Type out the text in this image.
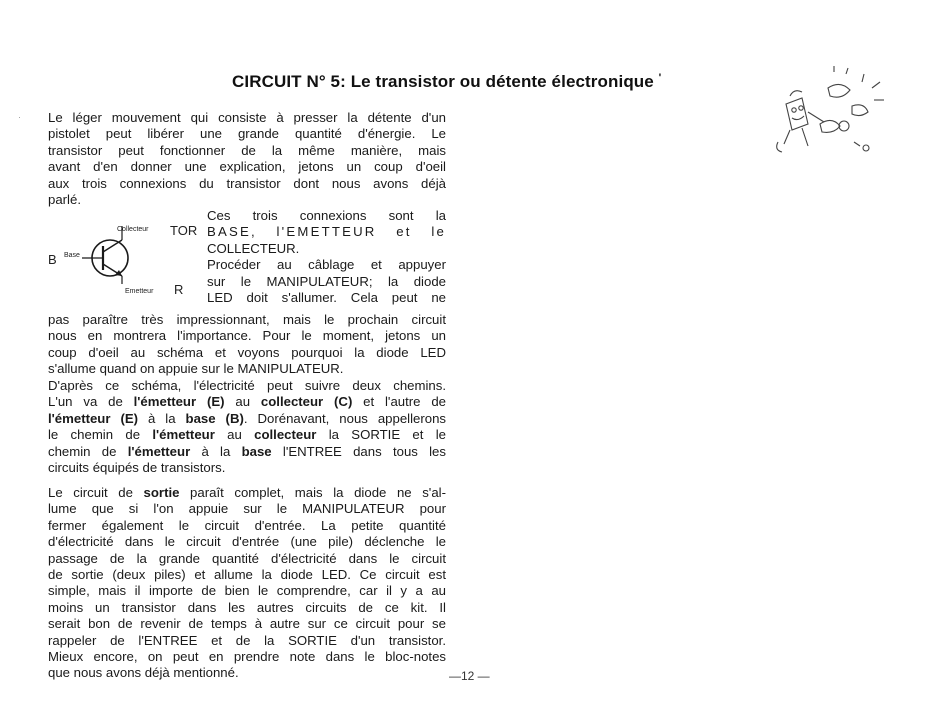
CIRCUIT N° 5: Le transistor ou détente électronique '
· Le léger mouvement qui consiste à presser la détente d'un
pistolet peut libérer une grande quantité d'énergie. Le
transistor peut fonctionner de la même manière, mais
avant d'en donner une explication, jetons un coup d'oeil
aux trois connexions du transistor dont nous avons déjà
parlé.
Collecteur TOR
B Base
Emetteur R
Ces trois connexions sont la
BASE, l'EMETTEUR et le
COLLECTEUR.
Procéder au câblage et appuyer
sur le MANIPULATEUR; la diode
LED doit s'allumer. Cela peut ne
pas paraître très impressionnant, mais le prochain circuit
nous en montrera l'importance. Pour le moment, jetons un
coup d'oeil au schéma et voyons pourquoi la diode LED
s'allume quand on appuie sur le MANIPULATEUR.
D'après ce schéma, l'électricité peut suivre deux chemins.
L'un va de l'émetteur (E) au collecteur (C) et l'autre de
l'émetteur (E) à la base (B). Dorénavant, nous appellerons
le chemin de l'émetteur au collecteur la SORTIE et le
chemin de l'émetteur à la base l'ENTREE dans tous les
circuits équipés de transistors.
Le circuit de sortie paraît complet, mais la diode ne s'al-
lume que si l'on appuie sur le MANIPULATEUR pour
fermer également le circuit d'entrée. La petite quantité
d'électricité dans le circuit d'entrée (une pile) déclenche le
passage de la grande quantité d'électricité dans le circuit
de sortie (deux piles) et allume la diode LED. Ce circuit est
simple, mais il importe de bien le comprendre, car il y a au
moins un transistor dans les autres circuits de ce kit. Il
serait bon de revenir de temps à autre sur ce circuit pour se
rappeler de l'ENTREE et de la SORTIE d'un transistor.
Mieux encore, on peut en prendre note dans le bloc-notes
que nous avons déjà mentionné.	—12 —
